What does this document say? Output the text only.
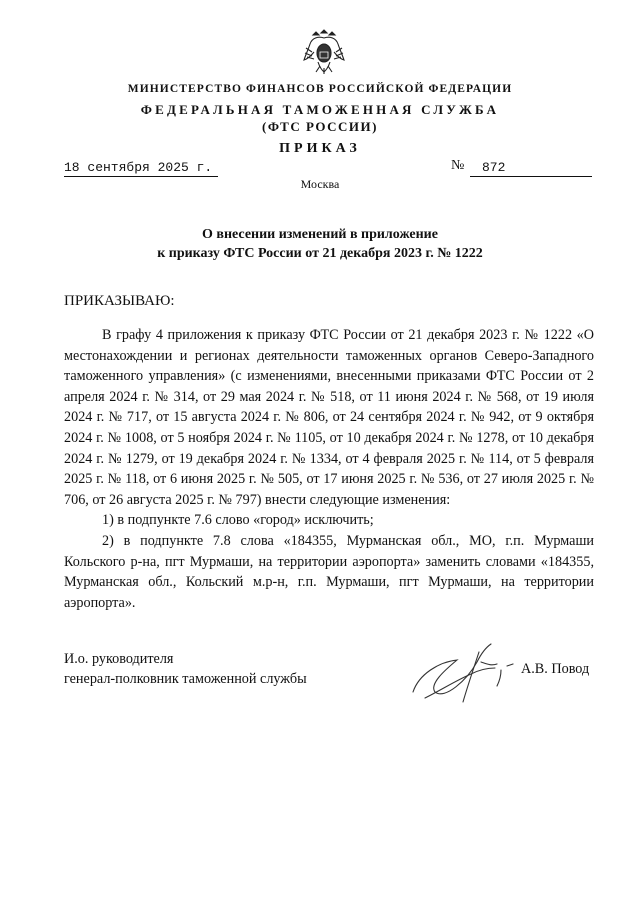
МИНИСТЕРСТВО ФИНАНСОВ РОССИЙСКОЙ ФЕДЕРАЦИИ
ФЕДЕРАЛЬНАЯ ТАМОЖЕННАЯ СЛУЖБА
(ФТС РОССИИ)
ПРИКАЗ
18 сентября 2025 г.	№	872
Москва
О внесении изменений в приложение
к приказу ФТС России от 21 декабря 2023 г. № 1222
ПРИКАЗЫВАЮ:

В графу 4 приложения к приказу ФТС России от 21 декабря 2023 г. № 1222 «О местонахождении и регионах деятельности таможенных органов Северо-Западного таможенного управления» (с изменениями, внесенными приказами ФТС России от 2 апреля 2024 г. № 314, от 29 мая 2024 г. № 518, от 11 июня 2024 г. № 568, от 19 июля 2024 г. № 717, от 15 августа 2024 г. № 806, от 24 сентября 2024 г. № 942, от 9 октября 2024 г. № 1008, от 5 ноября 2024 г. № 1105, от 10 декабря 2024 г. № 1278, от 10 декабря 2024 г. № 1279, от 19 декабря 2024 г. № 1334, от 4 февраля 2025 г. № 114, от 5 февраля 2025 г. № 118, от 6 июня 2025 г. № 505, от 17 июня 2025 г. № 536, от 27 июля 2025 г. № 706, от 26 августа 2025 г. № 797) внести следующие изменения:

1) в подпункте 7.6 слово «город» исключить;

2) в подпункте 7.8 слова «184355, Мурманская обл., МО, г.п. Мурмаши Кольского р-на, пгт Мурмаши, на территории аэропорта» заменить словами «184355, Мурманская обл., Кольский м.р-н, г.п. Мурмаши, пгт Мурмаши, на территории аэропорта».

И.о. руководителя
генерал-полковник таможенной службы
А.В. Повод
